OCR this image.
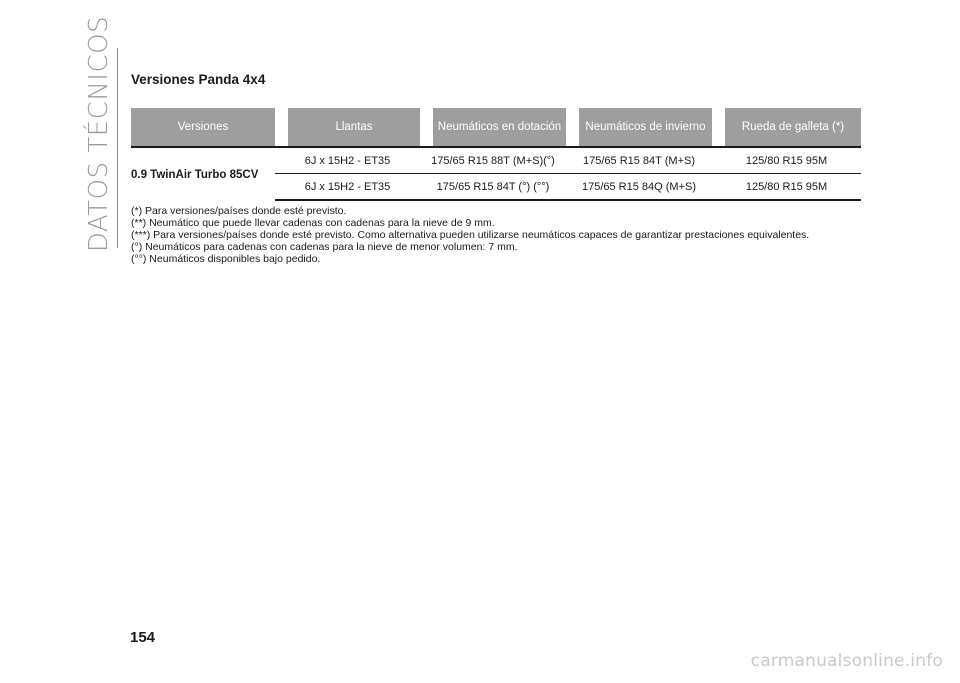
DATOS TÉCNICOS Versiones Panda 4x4
Versiones	Llantas	Neumáticos en dotación	Neumáticos de invierno	Rueda de galleta (*)
0.9 TwinAir Turbo 85CV	6J x 15H2 - ET35	175/65 R15 88T (M+S)(°)	175/65 R15 84T (M+S)	125/80 R15 95M
	6J x 15H2 - ET35	175/65 R15 84T (°) (°°)	175/65 R15 84Q (M+S)	125/80 R15 95M

(*) Para versiones/países donde esté previsto.

(**) Neumático que puede llevar cadenas con cadenas para la nieve de 9 mm.

(***) Para versiones/países donde esté previsto. Como alternativa pueden utilizarse neumáticos capaces de garantizar prestaciones equivalentes.

(°) Neumáticos para cadenas con cadenas para la nieve de menor volumen: 7 mm.

(°°) Neumáticos disponibles bajo pedido.

154
carmanualsonline.info
